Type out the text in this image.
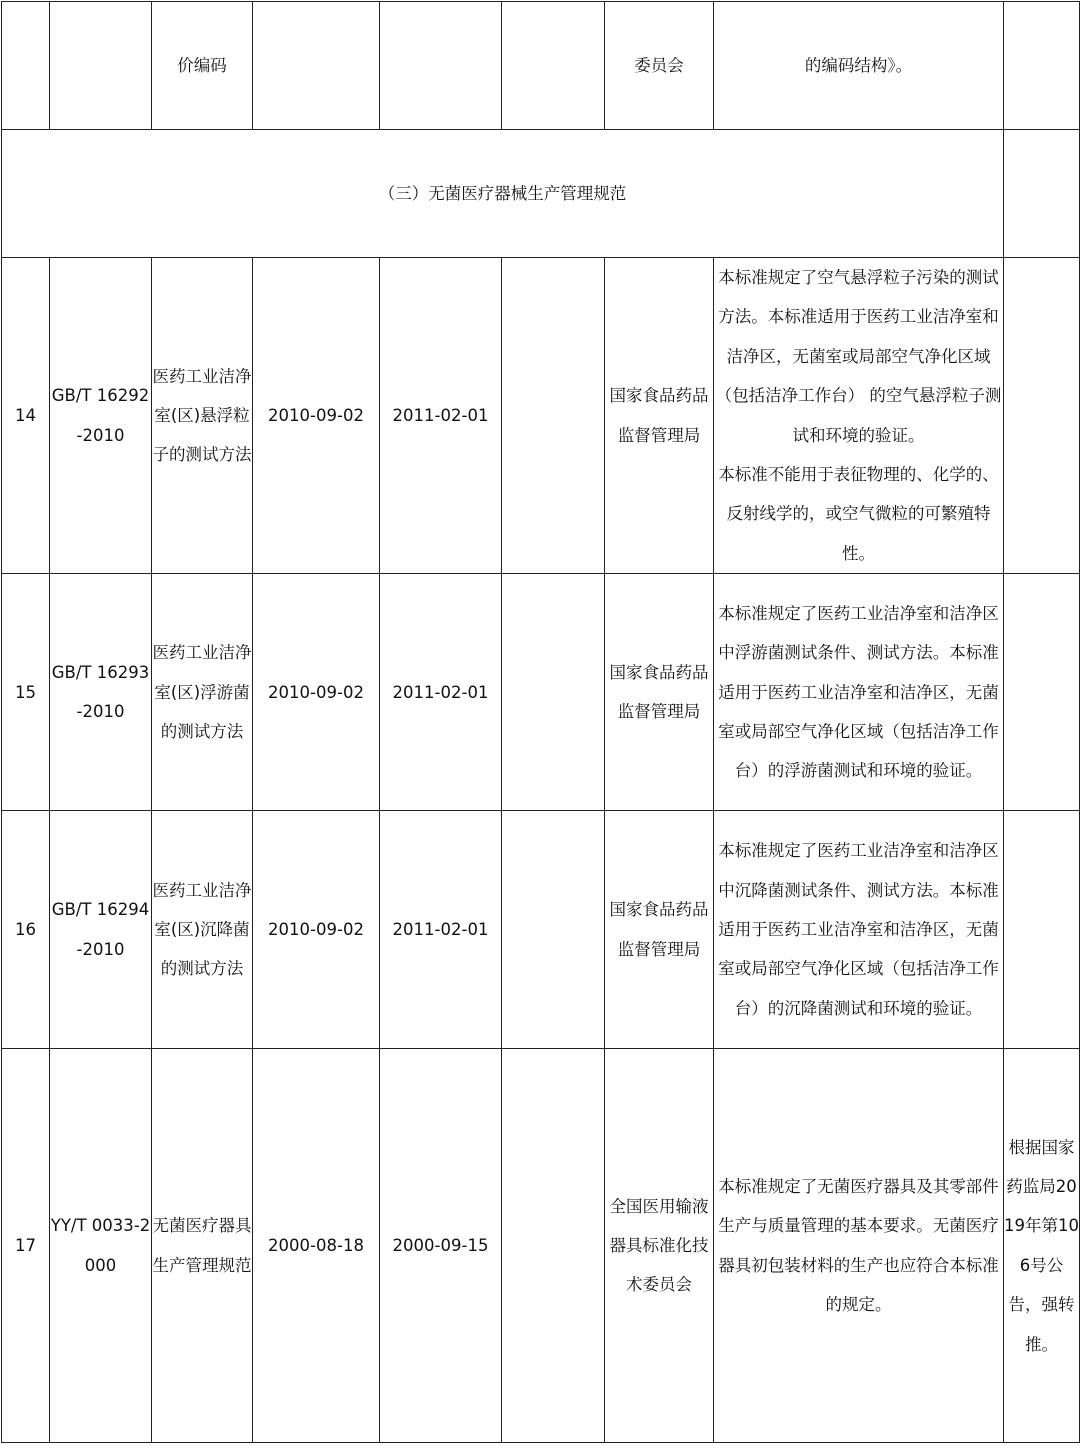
		价编码				委员会	的编码结构》。	
（三）无菌医疗器械生产管理规范								
14	GB/T 16292-2010	医药工业洁净室(区)悬浮粒子的测试方法	2010-09-02	2011-02-01		国家食品药品监督管理局	本标准规定了空气悬浮粒子污染的测试方法。本标准适用于医药工业洁净室和洁净区，无菌室或局部空气净化区域（包括洁净工作台） 的空气悬浮粒子测试和环境的验证。

本标准不能用于表征物理的、化学的、反射线学的，或空气微粒的可繁殖特性。	

15	GB/T 16293-2010	医药工业洁净室(区)浮游菌的测试方法	2010-09-02	2011-02-01		国家食品药品监督管理局	本标准规定了医药工业洁净室和洁净区中浮游菌测试条件、测试方法。本标准适用于医药工业洁净室和洁净区，无菌室或局部空气净化区域（包括洁净工作台）的浮游菌测试和环境的验证。	

16	GB/T 16294-2010	医药工业洁净室(区)沉降菌的测试方法	2010-09-02	2011-02-01		国家食品药品监督管理局	本标准规定了医药工业洁净室和洁净区中沉降菌测试条件、测试方法。本标准适用于医药工业洁净室和洁净区，无菌室或局部空气净化区域（包括洁净工作台）的沉降菌测试和环境的验证。	

17	YY/T 0033-2000	无菌医疗器具生产管理规范	2000-08-18	2000-09-15		全国医用输液器具标准化技术委员会	本标准规定了无菌医疗器具及其零部件生产与质量管理的基本要求。无菌医疗器具初包装材料的生产也应符合本标准的规定。	根据国家药监局2019年第106号公告，强转推。
